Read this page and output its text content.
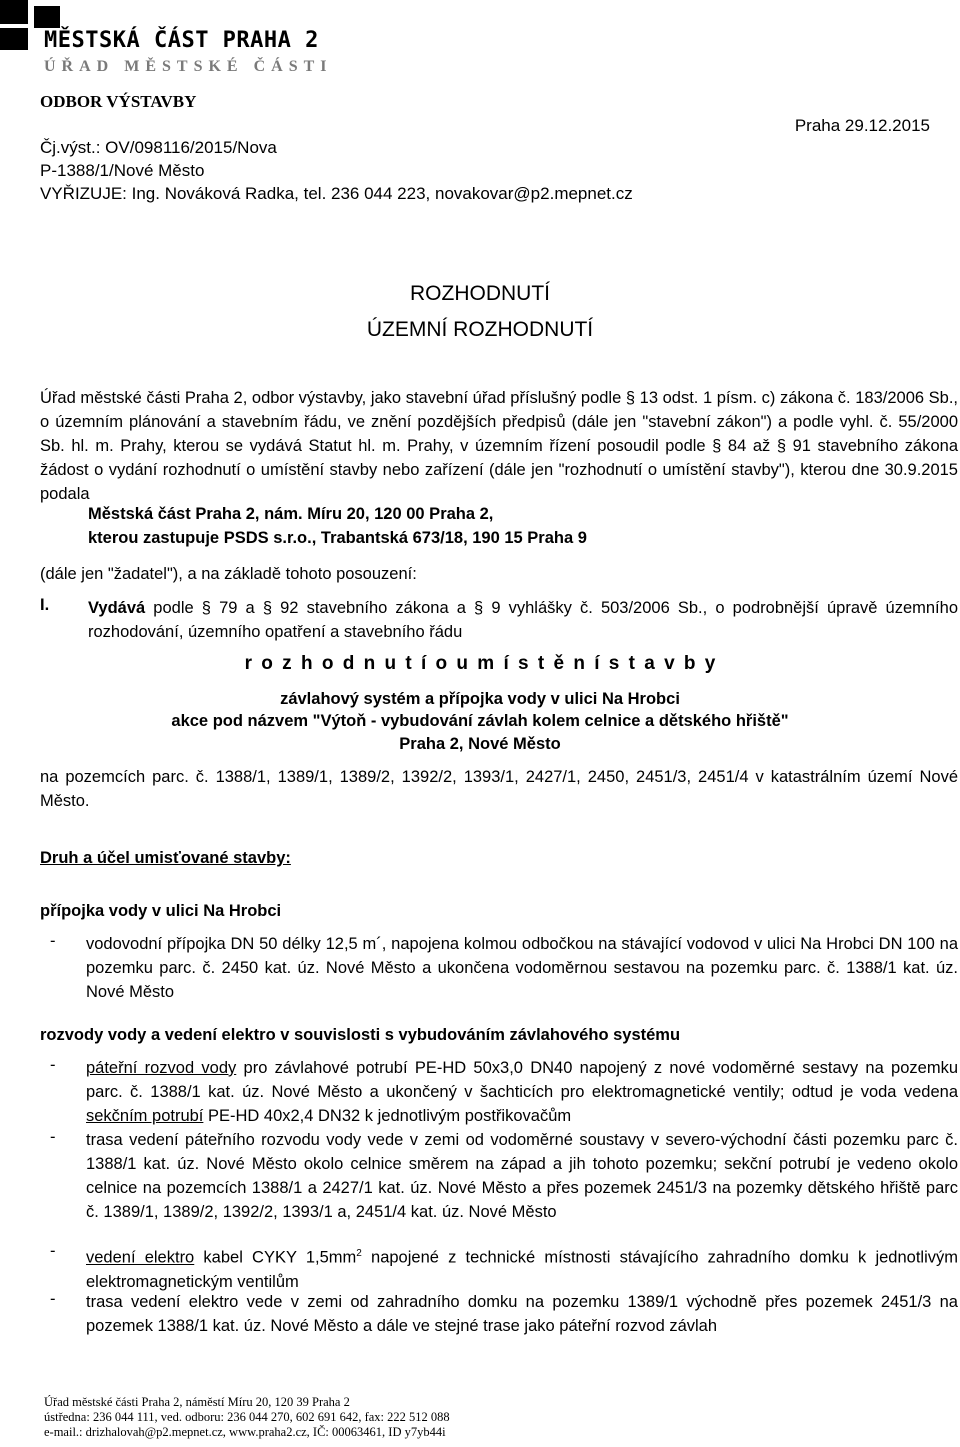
MĚSTSKÁ ČÁST PRAHA 2
ÚŘAD MĚSTSKÉ ČÁSTI
ODBOR VÝSTAVBY
Čj.výst.: OV/098116/2015/Nova
P-1388/1/Nové Město
VYŘIZUJE: Ing. Nováková Radka, tel. 236 044 223, novakovar@p2.mepnet.cz
Praha 29.12.2015
ROZHODNUTÍ
ÚZEMNÍ ROZHODNUTÍ

Úřad městské části Praha 2, odbor výstavby, jako stavební úřad příslušný podle § 13 odst. 1 písm. c) zákona č. 183/2006 Sb., o územním plánování a stavebním řádu, ve znění pozdějších předpisů (dále jen "stavební zákon") a podle vyhl. č. 55/2000 Sb. hl. m. Prahy, kterou se vydává Statut hl. m. Prahy, v územním řízení posoudil podle § 84 až § 91 stavebního zákona žádost o vydání rozhodnutí o umístění stavby nebo zařízení (dále jen "rozhodnutí o umístění stavby"), kterou dne 30.9.2015 podala

Městská část Praha 2, nám. Míru 20, 120 00 Praha 2,
kterou zastupuje PSDS s.r.o., Trabantská 673/18, 190 15 Praha 9
(dále jen "žadatel"), a na základě tohoto posouzení:
I. Vydává podle § 79 a § 92 stavebního zákona a § 9 vyhlášky č. 503/2006 Sb., o podrobnější úpravě územního rozhodování, územního opatření a stavebního řádu
r o z h o d n u t í o u m í s t ě n í s t a v b y
závlahový systém a přípojka vody v ulici Na Hrobci
akce pod názvem "Výtoň - vybudování závlah kolem celnice a dětského hřiště"
Praha 2, Nové Město
na pozemcích parc. č. 1388/1, 1389/1, 1389/2, 1392/2, 1393/1, 2427/1, 2450, 2451/3, 2451/4 v katastrálním území Nové Město.
Druh a účel umisťované stavby:
přípojka vody v ulici Na Hrobci
- vodovodní přípojka DN 50 délky 12,5 m´, napojena kolmou odbočkou na stávající vodovod v ulici Na Hrobci DN 100 na pozemku parc. č. 2450 kat. úz. Nové Město a ukončena vodoměrnou sestavou na pozemku parc. č. 1388/1 kat. úz. Nové Město
rozvody vody a vedení elektro v souvislosti s vybudováním závlahového systému
- páteřní rozvod vody pro závlahové potrubí PE-HD 50x3,0 DN40 napojený z nové vodoměrné sestavy na pozemku parc. č. 1388/1 kat. úz. Nové Město a ukončený v šachticích pro elektromagnetické ventily; odtud je voda vedena sekčním potrubí PE-HD 40x2,4 DN32 k jednotlivým postřikovačům
- trasa vedení páteřního rozvodu vody vede v zemi od vodoměrné soustavy v severo-východní části pozemku parc č. 1388/1 kat. úz. Nové Město okolo celnice směrem na západ a jih tohoto pozemku; sekční potrubí je vedeno okolo celnice na pozemcích 1388/1 a 2427/1 kat. úz. Nové Město a přes pozemek 2451/3 na pozemky dětského hřiště parc č. 1389/1, 1389/2, 1392/2, 1393/1 a, 2451/4 kat. úz. Nové Město
- vedení elektro kabel CYKY $1,5mm^2$ napojené z technické místnosti stávajícího zahradního domku k jednotlivým elektromagnetickým ventilům
- trasa vedení elektro vede v zemi od zahradního domku na pozemku 1389/1 východně přes pozemek 2451/3 na pozemek 1388/1 kat. úz. Nové Město a dále ve stejné trase jako páteřní rozvod závlah
Úřad městské části Praha 2, náměstí Míru 20, 120 39 Praha 2
ústředna: 236 044 111, ved. odboru: 236 044 270, 602 691 642, fax: 222 512 088
e-mail.: drizhalovah@p2.mepnet.cz, www.praha2.cz, IČ: 00063461, ID y7yb44i
